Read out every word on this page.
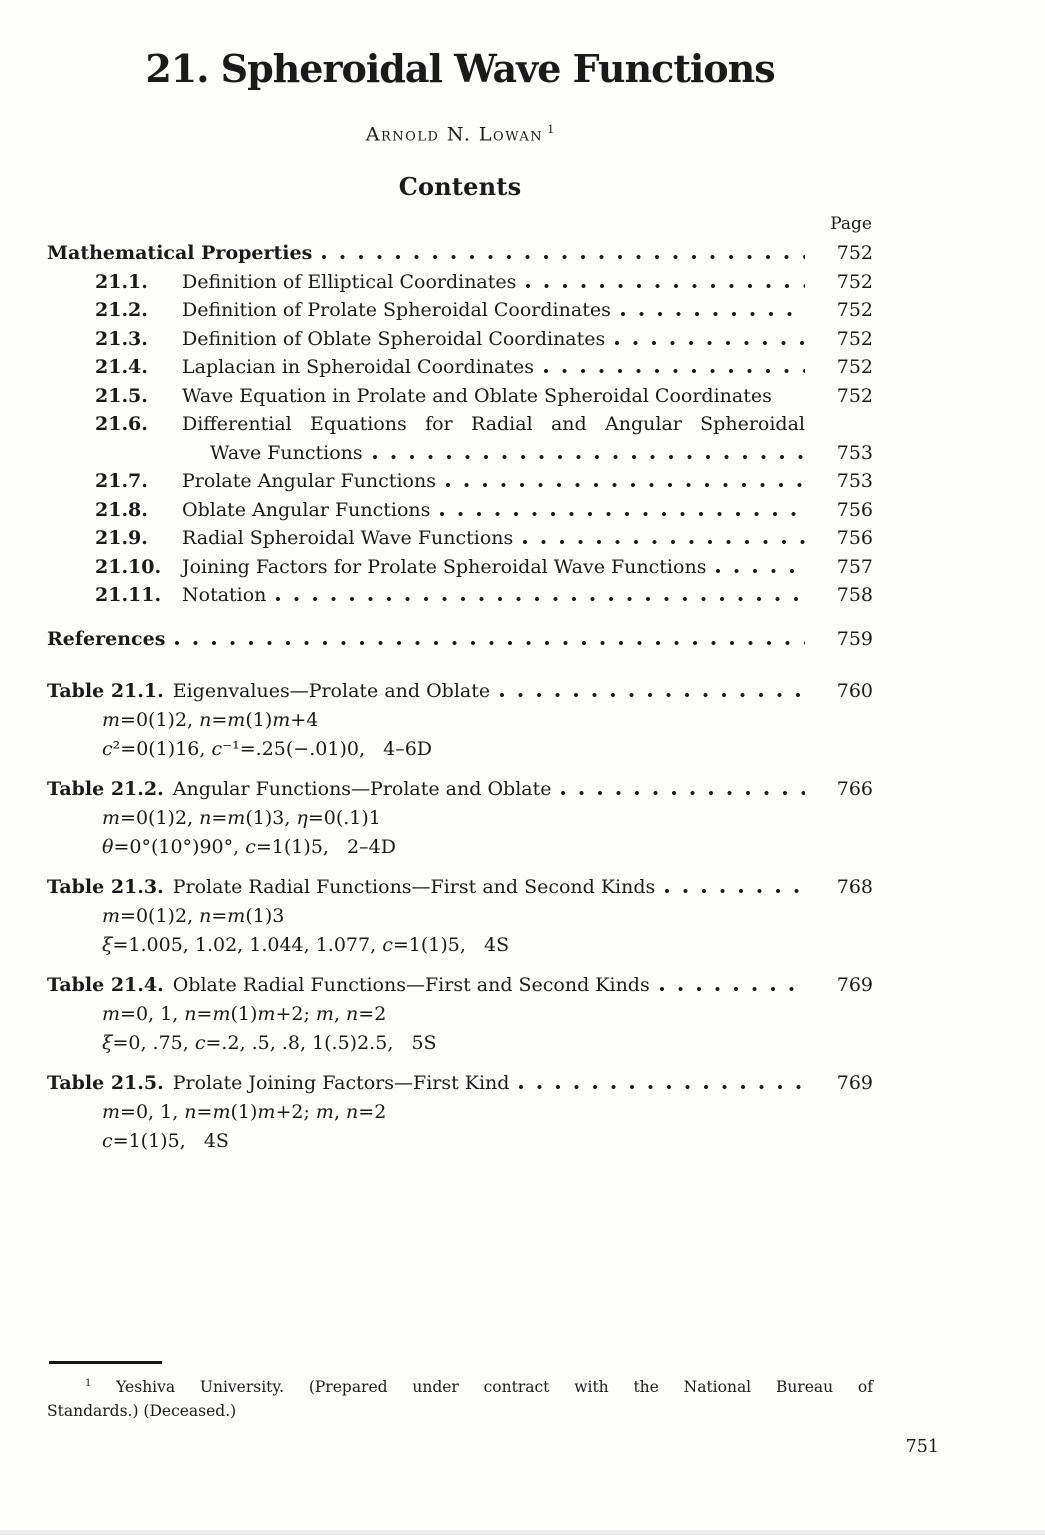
21. Spheroidal Wave Functions
Arnold N. Lowan $^1$
Contents
Page
Mathematical Properties	752
21.1.	Definition of Elliptical Coordinates	752
21.2.	Definition of Prolate Spheroidal Coordinates	752
21.3.	Definition of Oblate Spheroidal Coordinates	752
21.4.	Laplacian in Spheroidal Coordinates	752
21.5.	Wave Equation in Prolate and Oblate Spheroidal Coordinates	752
21.6.	Differential Equations for Radial and Angular Spheroidal
Wave Functions	753
21.7.	Prolate Angular Functions	753
21.8.	Oblate Angular Functions	756
21.9.	Radial Spheroidal Wave Functions	756
21.10.	Joining Factors for Prolate Spheroidal Wave Functions	757
21.11.	Notation	758
References	759
Table 21.1. Eigenvalues—Prolate and Oblate	760
m=0(1)2, n=m(1)m+4
c²=0(1)16, c⁻¹=.25(−.01)0,   4–6D
Table 21.2. Angular Functions—Prolate and Oblate	766
m=0(1)2, n=m(1)3, η=0(.1)1
θ=0°(10°)90°, c=1(1)5,   2–4D
Table 21.3. Prolate Radial Functions—First and Second Kinds	768
m=0(1)2, n=m(1)3
ξ=1.005, 1.02, 1.044, 1.077, c=1(1)5,   4S
Table 21.4. Oblate Radial Functions—First and Second Kinds	769
m=0, 1, n=m(1)m+2; m, n=2
ξ=0, .75, c=.2, .5, .8, 1(.5)2.5,   5S
Table 21.5. Prolate Joining Factors—First Kind	769
m=0, 1, n=m(1)m+2; m, n=2
c=1(1)5,   4S
$^1$ Yeshiva University. (Prepared under contract with the National Bureau of
Standards.) (Deceased.)
751
